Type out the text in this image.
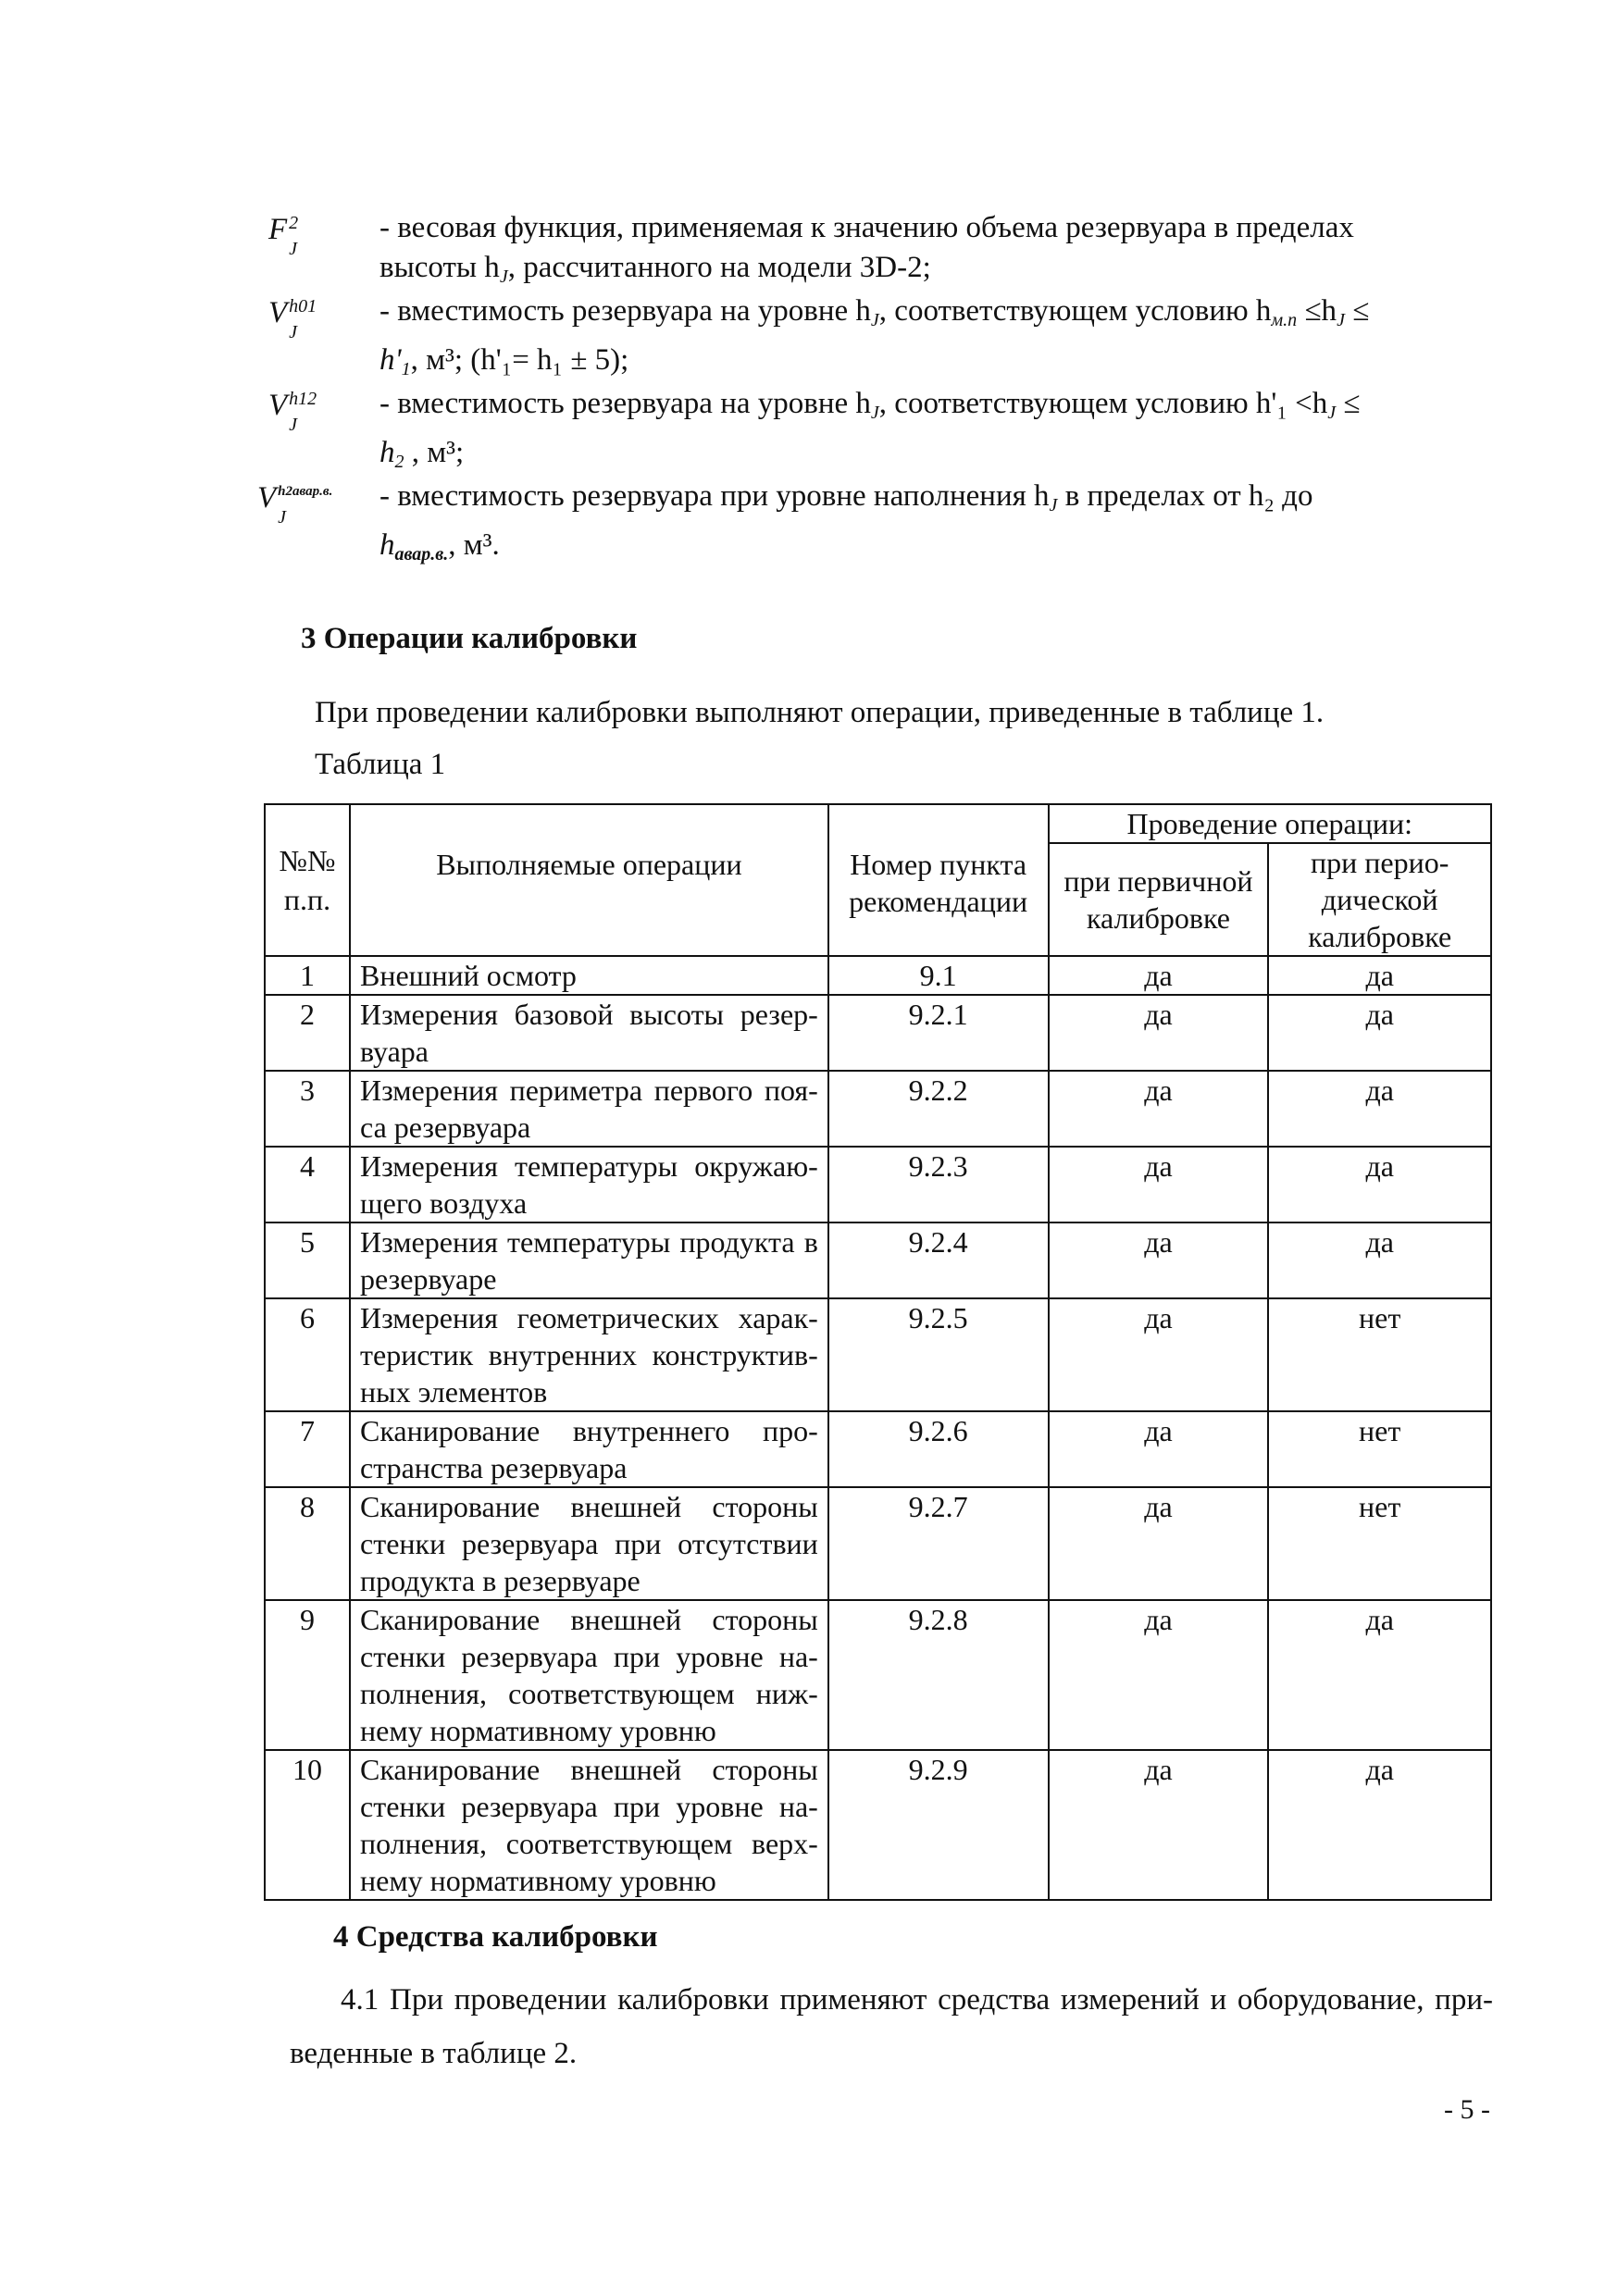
F 2
J
- весовая функция, применяемая к значению объема резервуара в пределах
высоты $h_J$, рассчитанного на модели 3D-2;
V h01
J
- вместимость резервуара на уровне $h_J$, соответствующем условию $h_{м.п} \le h_J$ ≤
$h'_1$, м³; (h'₁= h₁ ± 5);
V h12
J
- вместимость резервуара на уровне $h_J$, соответствующем условию $h'_1 <h_J$ ≤
$h_2$ , м³;
V h2авар.в.
J
- вместимость резервуара при уровне наполнения $h_J$ в пределах от h₂ до
$h_{авар.в.}$, м³.
3 Операции калибровки
При проведении калибровки выполняют операции, приведенные в таблице 1.
Таблица 1
№№ п.п.	Выполняемые операции	Номер пункта рекомендации	Проведение операции:	
			при первичной калибровке	при перио-дической калибровке
1	Внешний осмотр	9.1	да	да
2	Измерения базовой высоты резер-вуара	9.2.1	да	да
3	Измерения периметра первого поя-са резервуара	9.2.2	да	да
4	Измерения температуры окружаю-щего воздуха	9.2.3	да	да
5	Измерения температуры продукта в резервуаре	9.2.4	да	да
6	Измерения геометрических харак-теристик внутренних конструктив-ных элементов	9.2.5	да	нет
7	Сканирование внутреннего про-странства резервуара	9.2.6	да	нет
8	Сканирование внешней стороны стенки резервуара при отсутствии продукта в резервуаре	9.2.7	да	нет
9	Сканирование внешней стороны стенки резервуара при уровне на-полнения, соответствующем ниж-нему нормативному уровню	9.2.8	да	да
10	Сканирование внешней стороны стенки резервуара при уровне на-полнения, соответствующем верх-нему нормативному уровню	9.2.9	да	да
4 Средства калибровки
4.1 При проведении калибровки применяют средства измерений и оборудование, при-веденные в таблице 2.
- 5 -
